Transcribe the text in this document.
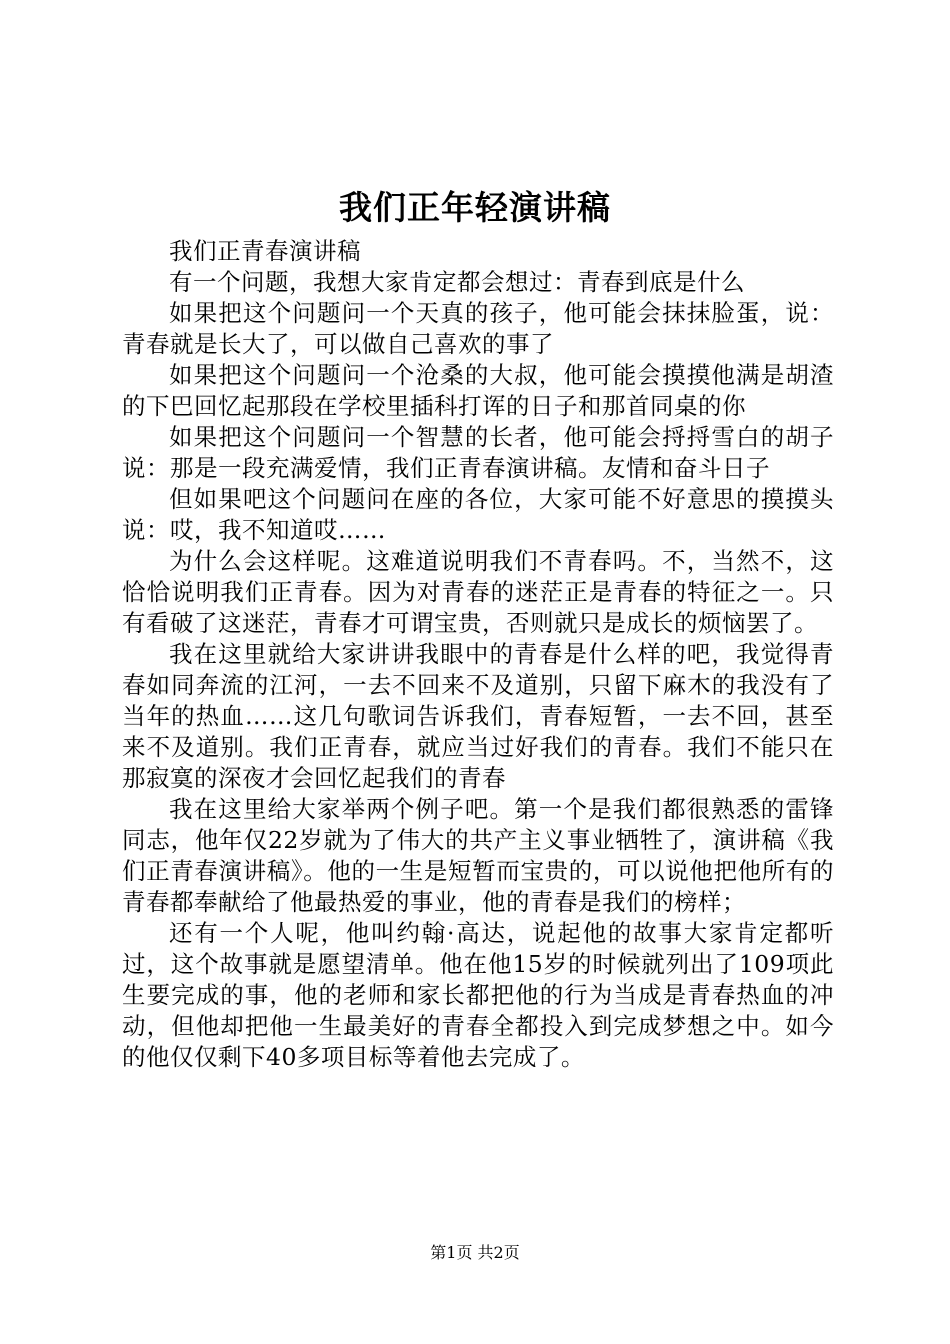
我们正年轻演讲稿

我们正青春演讲稿

有一个问题，我想大家肯定都会想过：青春到底是什么

如果把这个问题问一个天真的孩子，他可能会抹抹脸蛋，说：青春就是长大了，可以做自己喜欢的事了

如果把这个问题问一个沧桑的大叔，他可能会摸摸他满是胡渣的下巴回忆起那段在学校里插科打诨的日子和那首同桌的你

如果把这个问题问一个智慧的长者，他可能会捋捋雪白的胡子说：那是一段充满爱情，我们正青春演讲稿。友情和奋斗日子

但如果吧这个问题问在座的各位，大家可能不好意思的摸摸头说：哎，我不知道哎……

为什么会这样呢。这难道说明我们不青春吗。不，当然不，这恰恰说明我们正青春。因为对青春的迷茫正是青春的特征之一。只有看破了这迷茫，青春才可谓宝贵，否则就只是成长的烦恼罢了。

我在这里就给大家讲讲我眼中的青春是什么样的吧，我觉得青春如同奔流的江河，一去不回来不及道别，只留下麻木的我没有了当年的热血……这几句歌词告诉我们，青春短暂，一去不回，甚至来不及道别。我们正青春，就应当过好我们的青春。我们不能只在那寂寞的深夜才会回忆起我们的青春

我在这里给大家举两个例子吧。第一个是我们都很熟悉的雷锋同志，他年仅22岁就为了伟大的共产主义事业牺牲了，演讲稿《我们正青春演讲稿》。他的一生是短暂而宝贵的，可以说他把他所有的青春都奉献给了他最热爱的事业，他的青春是我们的榜样；

还有一个人呢，他叫约翰·高达，说起他的故事大家肯定都听过，这个故事就是愿望清单。他在他15岁的时候就列出了109项此生要完成的事，他的老师和家长都把他的行为当成是青春热血的冲动，但他却把他一生最美好的青春全都投入到完成梦想之中。如今的他仅仅剩下40多项目标等着他去完成了。

第1页 共2页
